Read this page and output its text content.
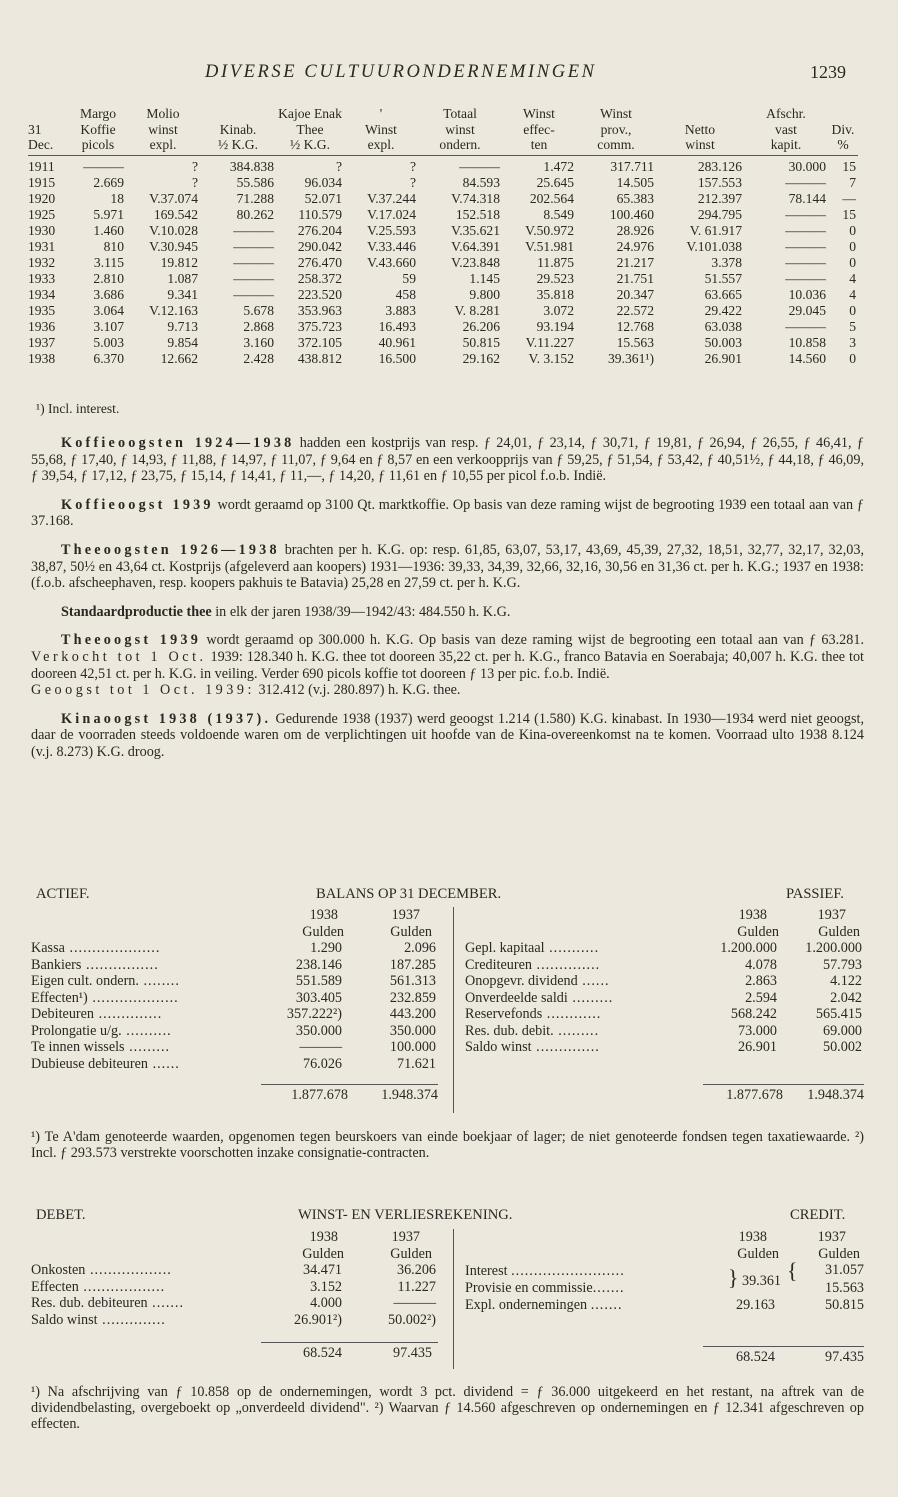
DIVERSE CULTUURONDERNEMINGEN	1239
	Margo	Molio		Kajoe Enak	'	Totaal	Winst	Winst		Afschr.	
31	Koffie	winst	Kinab.	Thee	Winst	winst	effec-	prov.,	Netto	vast	Div.
Dec.	picols	expl.	½ K.G.	½ K.G.	expl.	ondern.	ten	comm.	winst	kapit.	%
1911	———	?	384.838	?	?	———	1.472	317.711	283.126	30.000	15
1915	2.669	?	55.586	96.034	?	84.593	25.645	14.505	157.553	———	7
1920	18	V.37.074	71.288	52.071	V.37.244	V.74.318	202.564	65.383	212.397	78.144	—
1925	5.971	169.542	80.262	110.579	V.17.024	152.518	8.549	100.460	294.795	———	15
1930	1.460	V.10.028	———	276.204	V.25.593	V.35.621	V.50.972	28.926	V. 61.917	———	0
1931	810	V.30.945	———	290.042	V.33.446	V.64.391	V.51.981	24.976	V.101.038	———	0
1932	3.115	19.812	———	276.470	V.43.660	V.23.848	11.875	21.217	3.378	———	0
1933	2.810	1.087	———	258.372	59	1.145	29.523	21.751	51.557	———	4
1934	3.686	9.341	———	223.520	458	9.800	35.818	20.347	63.665	10.036	4
1935	3.064	V.12.163	5.678	353.963	3.883	V. 8.281	3.072	22.572	29.422	29.045	0
1936	3.107	9.713	2.868	375.723	16.493	26.206	93.194	12.768	63.038	———	5
1937	5.003	9.854	3.160	372.105	40.961	50.815	V.11.227	15.563	50.003	10.858	3
1938	6.370	12.662	2.428	438.812	16.500	29.162	V. 3.152	39.361¹)	26.901	14.560	0
¹) Incl. interest.

Koffieoogsten 1924—1938 hadden een kostprijs van resp. ƒ 24,01, ƒ 23,14, ƒ 30,71, ƒ 19,81, ƒ 26,94, ƒ 26,55, ƒ 46,41, ƒ 55,68, ƒ 17,40, ƒ 14,93, ƒ 11,88, ƒ 14,97, ƒ 11,07, ƒ 9,64 en ƒ 8,57 en een verkoopprijs van ƒ 59,25, ƒ 51,54, ƒ 53,42, ƒ 40,51½, ƒ 44,18, ƒ 46,09, ƒ 39,54, ƒ 17,12, ƒ 23,75, ƒ 15,14, ƒ 14,41, ƒ 11,—, ƒ 14,20, ƒ 11,61 en ƒ 10,55 per picol f.o.b. Indië.

Koffieoogst 1939 wordt geraamd op 3100 Qt. marktkoffie. Op basis van deze raming wijst de begrooting 1939 een totaal aan van ƒ 37.168.

Theeoogsten 1926—1938 brachten per h. K.G. op: resp. 61,85, 63,07, 53,17, 43,69, 45,39, 27,32, 18,51, 32,77, 32,17, 32,03, 38,87, 50½ en 43,64 ct. Kostprijs (afgeleverd aan koopers) 1931—1936: 39,33, 34,39, 32,66, 32,16, 30,56 en 31,36 ct. per h. K.G.; 1937 en 1938: (f.o.b. afscheephaven, resp. koopers pakhuis te Batavia) 25,28 en 27,59 ct. per h. K.G.

Standaardproductie thee in elk der jaren 1938/39—1942/43: 484.550 h. K.G.

Theeoogst 1939 wordt geraamd op 300.000 h. K.G. Op basis van deze raming wijst de begrooting een totaal aan van ƒ 63.281. Verkocht tot 1 Oct. 1939: 128.340 h. K.G. thee tot dooreen 35,22 ct. per h. K.G., franco Batavia en Soerabaja; 40,007 h. K.G. thee tot dooreen 42,51 ct. per h. K.G. in veiling. Verder 690 picols koffie tot dooreen ƒ 13 per pic. f.o.b. Indië.
Geoogst tot 1 Oct. 1939: 312.412 (v.j. 280.897) h. K.G. thee.

Kinaoogst 1938 (1937). Gedurende 1938 (1937) werd geoogst 1.214 (1.580) K.G. kinabast. In 1930—1934 werd niet geoogst, daar de voorraden steeds voldoende waren om de verplichtingen uit hoofde van de Kina-overeenkomst na te komen. Voorraad ulto 1938 8.124 (v.j. 8.273) K.G. droog.

ACTIEF.	BALANS OP 31 DECEMBER.	PASSIEF.
	1938	1937
	Gulden	Gulden
Kassa ....................	1.290	2.096
Bankiers ................	238.146	187.285
Eigen cult. ondern. ........	551.589	561.313
Effecten¹) ...................	303.405	232.859
Debiteuren ..............	357.222²)	443.200
Prolongatie u/g. ..........	350.000	350.000
Te innen wissels .........	———	100.000
Dubieuse debiteuren ......	76.026	71.621

	1.877.678	1.948.374
	1938	1937
	Gulden	Gulden
Gepl. kapitaal ...........	1.200.000	1.200.000
Crediteuren ..............	4.078	57.793
Onopgevr. dividend ......	2.863	4.122
Onverdeelde saldi .........	2.594	2.042
Reservefonds ............	568.242	565.415
Res. dub. debit. .........	73.000	69.000
Saldo winst ..............	26.901	50.002

	1.877.678	1.948.374
¹) Te A'dam genoteerde waarden, opgenomen tegen beurskoers van einde boekjaar of lager; de niet genoteerde fondsen tegen taxatiewaarde. ²) Incl. ƒ 293.573 verstrekte voorschotten inzake consignatie-contracten.
DEBET.	WINST- EN VERLIESREKENING.	CREDIT.
	1938	1937
	Gulden	Gulden
Onkosten ..................	34.471	36.206
Effecten ..................	3.152	11.227
Res. dub. debiteuren .......	4.000	———
Saldo winst ..............	26.901²)	50.002²)

	68.524	97.435
	1938	1937
	Gulden	Gulden
Interest .........................	} 39.361	{ 31.057
Provisie en commissie.......		15.563
Expl. ondernemingen .......	29.163	50.815

	68.524	97.435
¹) Na afschrijving van ƒ 10.858 op de ondernemingen, wordt 3 pct. dividend = ƒ 36.000 uitgekeerd en het restant, na aftrek van de dividendbelasting, overgeboekt op „onverdeeld dividend". ²) Waarvan ƒ 14.560 afgeschreven op ondernemingen en ƒ 12.341 afgeschreven op effecten.
